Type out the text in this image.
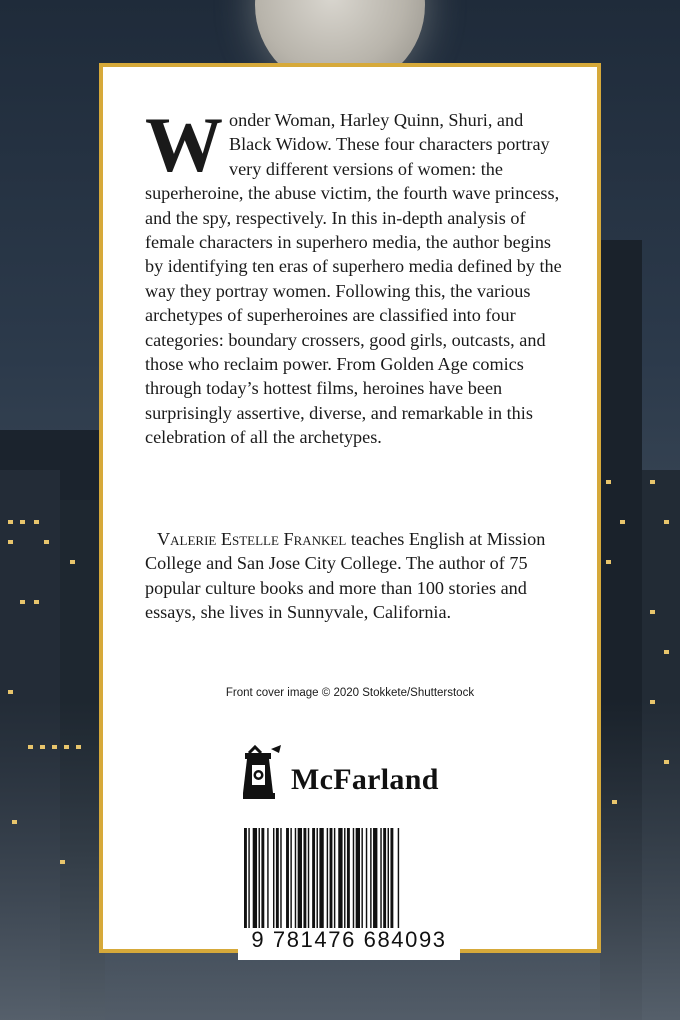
Wonder Woman, Harley Quinn, Shuri, and Black Widow. These four characters portray very different versions of women: the superheroine, the abuse victim, the fourth wave princess, and the spy, respectively. In this in-depth analysis of female characters in superhero media, the author begins by identifying ten eras of superhero media defined by the way they portray women. Following this, the various archetypes of superheroines are classified into four categories: boundary crossers, good girls, outcasts, and those who reclaim power. From Golden Age comics through today’s hottest films, heroines have been surprisingly assertive, diverse, and remarkable in this celebration of all the archetypes.
Valerie Estelle Frankel teaches English at Mission College and San Jose City College. The author of 75 popular culture books and more than 100 stories and essays, she lives in Sunnyvale, California.
Front cover image © 2020 Stokkete/Shutterstock
McFarland
9 781476 684093
